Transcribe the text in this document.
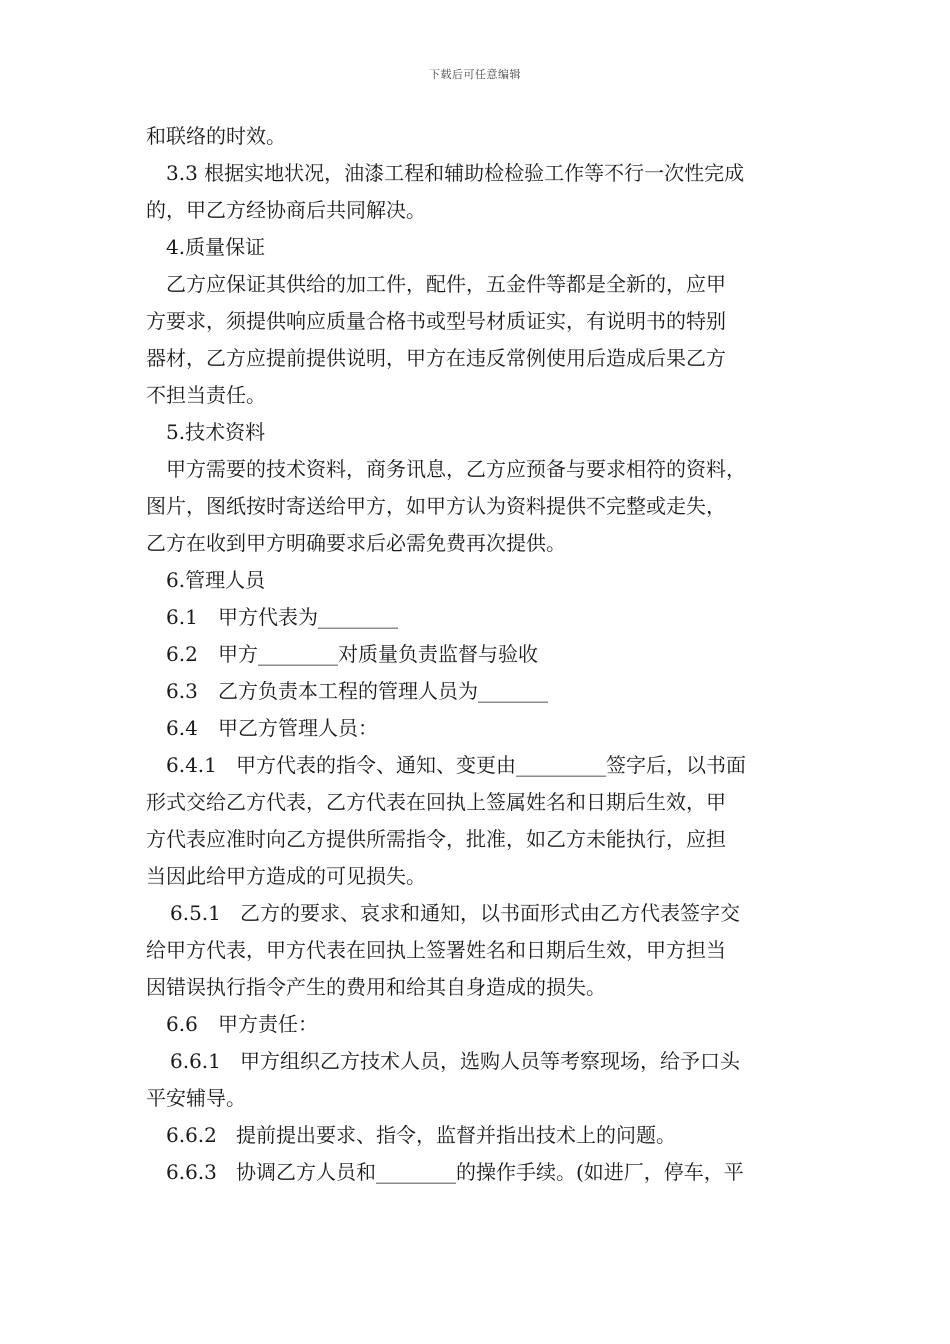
下载后可任意编辑
和联络的时效。
3.3 根据实地状况，油漆工程和辅助检检验工作等不行一次性完成
的，甲乙方经协商后共同解决。
4.质量保证
乙方应保证其供给的加工件，配件，五金件等都是全新的，应甲
方要求，须提供响应质量合格书或型号材质证实，有说明书的特别
器材，乙方应提前提供说明，甲方在违反常例使用后造成后果乙方
不担当责任。
5.技术资料
甲方需要的技术资料，商务讯息，乙方应预备与要求相符的资料，
图片，图纸按时寄送给甲方，如甲方认为资料提供不完整或走失，
乙方在收到甲方明确要求后必需免费再次提供。
6.管理人员
6.1 甲方代表为________
6.2 甲方________对质量负责监督与验收
6.3 乙方负责本工程的管理人员为_______
6.4 甲乙方管理人员：
6.4.1 甲方代表的指令、通知、变更由_________签字后，以书面
形式交给乙方代表，乙方代表在回执上签属姓名和日期后生效，甲
方代表应准时向乙方提供所需指令，批准，如乙方未能执行，应担
当因此给甲方造成的可见损失。
6.5.1 乙方的要求、哀求和通知，以书面形式由乙方代表签字交
给甲方代表，甲方代表在回执上签署姓名和日期后生效，甲方担当
因错误执行指令产生的费用和给其自身造成的损失。
6.6 甲方责任：
6.6.1 甲方组织乙方技术人员，选购人员等考察现场，给予口头
平安辅导。
6.6.2 提前提出要求、指令，监督并指出技术上的问题。
6.6.3 协调乙方人员和________的操作手续。(如进厂，停车，平
